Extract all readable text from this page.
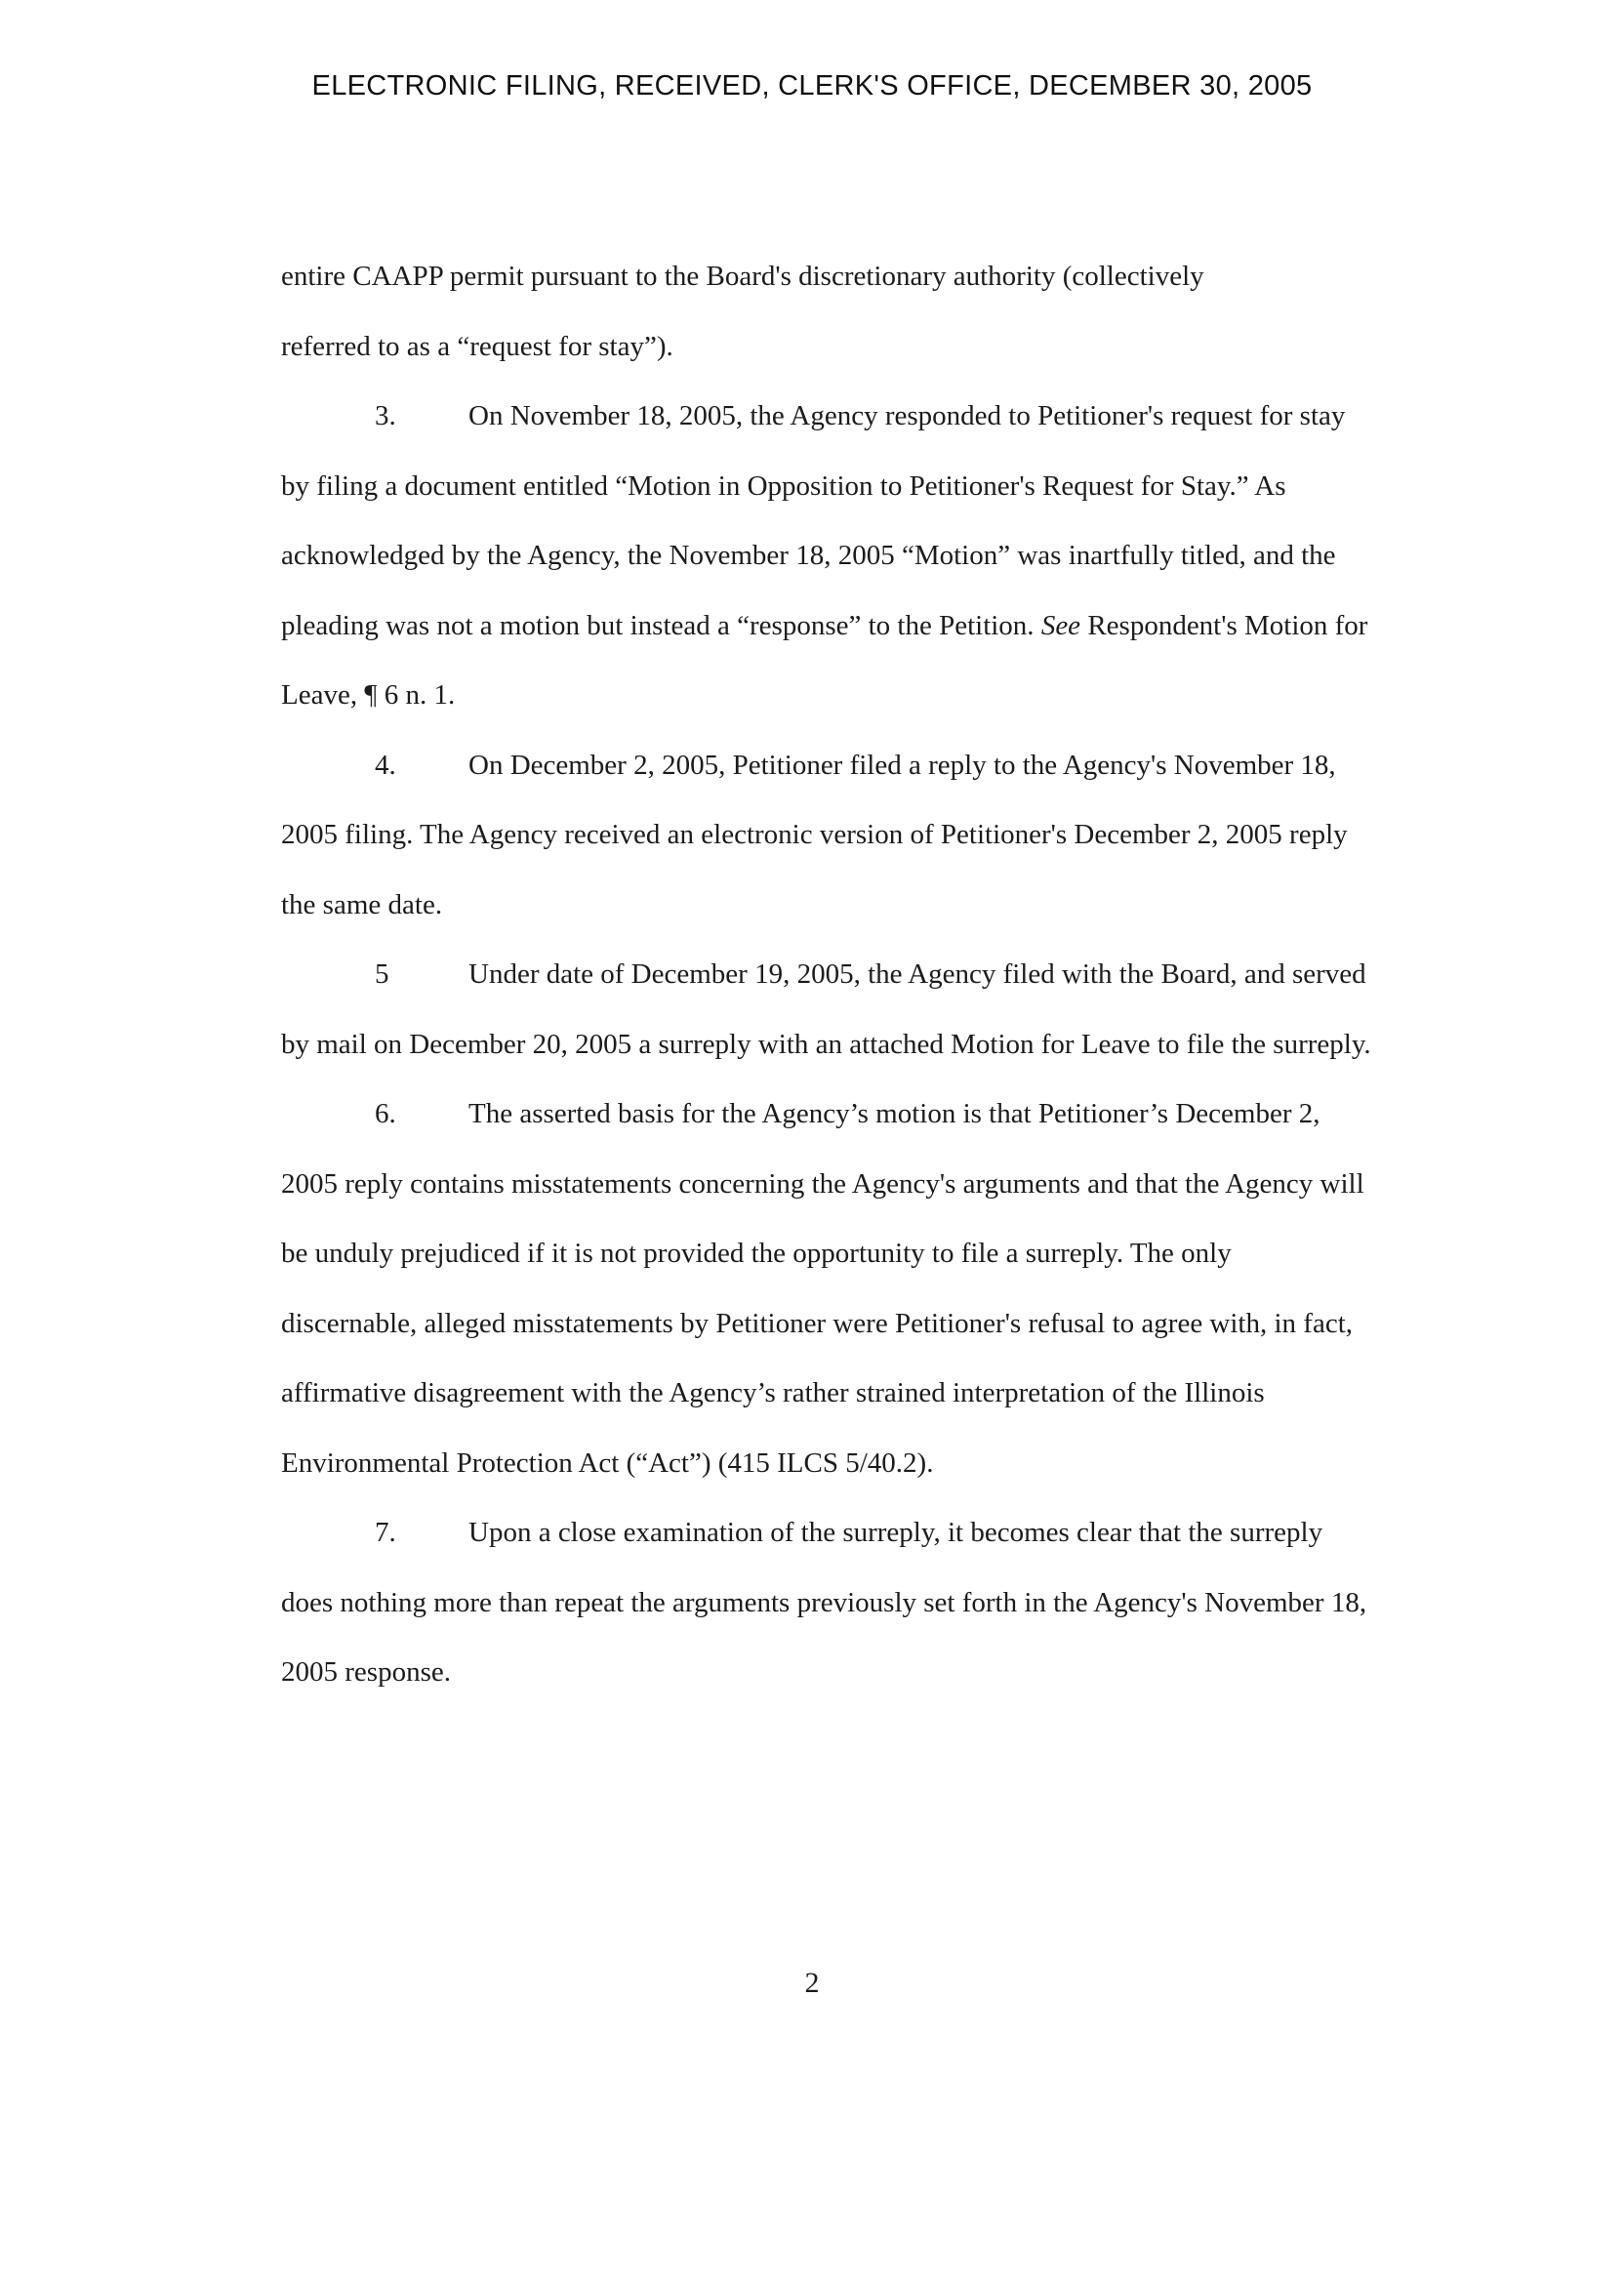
ELECTRONIC FILING, RECEIVED, CLERK'S OFFICE, DECEMBER 30, 2005

entire CAAPP permit pursuant to the Board's discretionary authority (collectively
referred to as a “request for stay”).

3.	On November 18, 2005, the Agency responded to Petitioner's request for stay by filing a document entitled “Motion in Opposition to Petitioner's Request for Stay.” As acknowledged by the Agency, the November 18, 2005 “Motion” was inartfully titled, and the pleading was not a motion but instead a “response” to the Petition. See Respondent's Motion for Leave, ¶ 6 n. 1.

4.	On December 2, 2005, Petitioner filed a reply to the Agency's November 18, 2005 filing. The Agency received an electronic version of Petitioner's December 2, 2005 reply the same date.

5	Under date of December 19, 2005, the Agency filed with the Board, and served by mail on December 20, 2005 a surreply with an attached Motion for Leave to file the surreply.

6.	The asserted basis for the Agency’s motion is that Petitioner’s December 2, 2005 reply contains misstatements concerning the Agency's arguments and that the Agency will be unduly prejudiced if it is not provided the opportunity to file a surreply. The only discernable, alleged misstatements by Petitioner were Petitioner's refusal to agree with, in fact, affirmative disagreement with the Agency’s rather strained interpretation of the Illinois Environmental Protection Act (“Act”) (415 ILCS 5/40.2).

7.	Upon a close examination of the surreply, it becomes clear that the surreply does nothing more than repeat the arguments previously set forth in the Agency's November 18, 2005 response.

2
